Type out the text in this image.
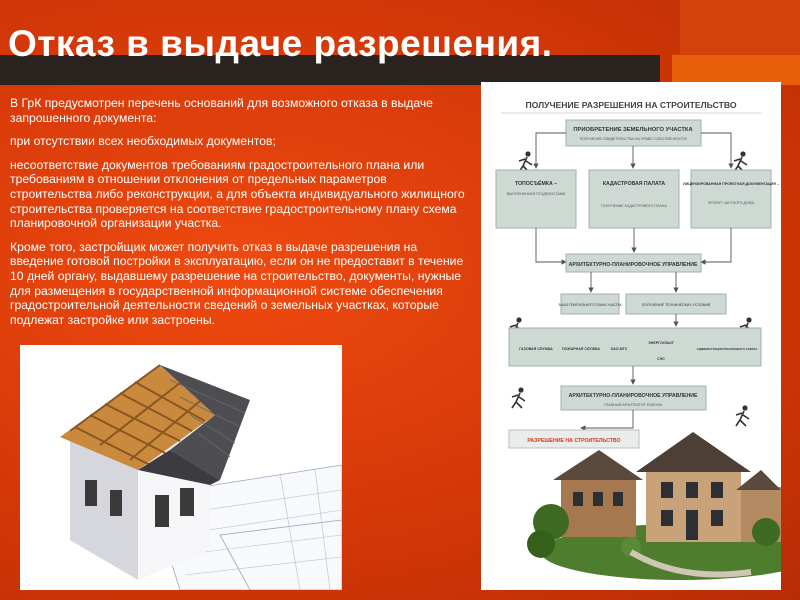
Отказ в выдаче разрешения.

В ГрК предусмотрен перечень оснований для возможного отказа в выдаче запрошенного документа:

при отсутствии всех необходимых документов;

несоответствие документов требованиям градостроительного плана или требованиям в отношении отклонения от предельных параметров строительства либо реконструкции, а для объекта индивидуального жилищного строительства проверяется на соответствие градостроительному плану схема планировочной организации участка.

Кроме того, застройщик может получить отказ в выдаче разрешения на введение готовой постройки в эксплуатацию, если он не предоставит в течение 10 дней органу, выдавшему разрешение на строительство, документы, нужные для размещения в государственной информационной системе обеспечения градостроительной деятельности сведений о земельных участках, которые подлежат застройке или застроены.

ПОЛУЧЕНИЕ РАЗРЕШЕНИЯ НА СТРОИТЕЛЬСТВО
ПРИОБРЕТЕНИЕ ЗЕМЕЛЬНОГО УЧАСТКА
ПОЛУЧЕНИЕ СВИДЕТЕЛЬСТВА НА ПРАВО СОБСТВЕННОСТИ
ТОПОСЪЁМКА –
ВЫПОЛНЕННАЯ ГЕОДЕЗИСТАМИ
КАДАСТРОВАЯ ПАЛАТА
ПОЛУЧЕНИЕ КАДАСТРОВОГО ПЛАНА
ЛИЦЕНЗИРОВАННАЯ ПРОЕКТНАЯ ДОКУМЕНТАЦИЯ –
ПРОЕКТ ЧАСТНОГО ДОМА
АРХИТЕКТУРНО-ПЛАНИРОВОЧНОЕ УПРАВЛЕНИЕ
ЗАКАЗ ГЕНЕРАЛЬНОГО ПЛАНА УЧАСТКА	ПОЛУЧЕНИЕ ТЕХНИЧЕСКИХ УСЛОВИЙ
ГАЗОВАЯ СЛУЖБА	ПОЖАРНАЯ СЛУЖБА	ОАО МТС
ЭНЕРГОСБЫТ
СЭС
АДМИНИСТРАЦИЯ ПОСЕЛКОВОГО СОВЕТА
АРХИТЕКТУРНО-ПЛАНИРОВОЧНОЕ УПРАВЛЕНИЕ
ГЛАВНЫЙ АРХИТЕКТОР РАЙОНА
РАЗРЕШЕНИЕ НА СТРОИТЕЛЬСТВО
